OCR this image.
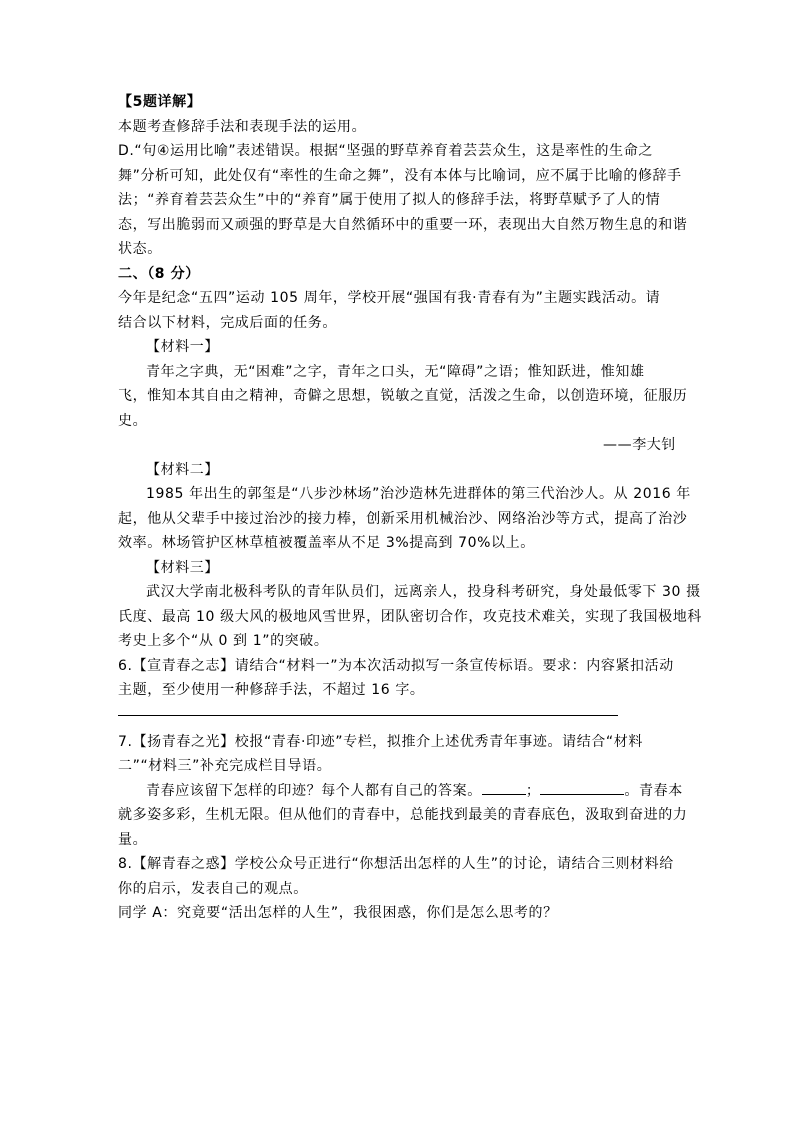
【5题详解】
本题考查修辞手法和表现手法的运用。
D.“句④运用比喻”表述错误。根据“坚强的野草养育着芸芸众生，这是率性的生命之
舞”分析可知，此处仅有“率性的生命之舞”，没有本体与比喻词，应不属于比喻的修辞手
法；“养育着芸芸众生”中的“养育”属于使用了拟人的修辞手法，将野草赋予了人的情
态，写出脆弱而又顽强的野草是大自然循环中的重要一环，表现出大自然万物生息的和谐
状态。
二、（8 分）
今年是纪念“五四”运动 105 周年，学校开展“强国有我·青春有为”主题实践活动。请
结合以下材料，完成后面的任务。
【材料一】
青年之字典，无“困难”之字，青年之口头，无“障碍”之语；惟知跃进，惟知雄
飞，惟知本其自由之精神，奇僻之思想，锐敏之直觉，活泼之生命，以创造环境，征服历
史。
——李大钊
【材料二】
1985 年出生的郭玺是“八步沙林场”治沙造林先进群体的第三代治沙人。从 2016 年
起，他从父辈手中接过治沙的接力棒，创新采用机械治沙、网络治沙等方式，提高了治沙
效率。林场管护区林草植被覆盖率从不足 3%提高到 70%以上。
【材料三】
武汉大学南北极科考队的青年队员们，远离亲人，投身科考研究，身处最低零下 30 摄
氏度、最高 10 级大风的极地风雪世界，团队密切合作，攻克技术难关，实现了我国极地科
考史上多个“从 0 到 1”的突破。
6.【宣青春之志】请结合“材料一”为本次活动拟写一条宣传标语。要求：内容紧扣活动
主题，至少使用一种修辞手法，不超过 16 字。
7.【扬青春之光】校报“青春·印迹”专栏，拟推介上述优秀青年事迹。请结合“材料
二”“材料三”补充完成栏目导语。
青春应该留下怎样的印迹？每个人都有自己的答案。	；	。青春本
就多姿多彩，生机无限。但从他们的青春中，总能找到最美的青春底色，汲取到奋进的力
量。
8.【解青春之惑】学校公众号正进行“你想活出怎样的人生”的讨论，请结合三则材料给
你的启示，发表自己的观点。
同学 A：究竟要“活出怎样的人生”，我很困惑，你们是怎么思考的？
